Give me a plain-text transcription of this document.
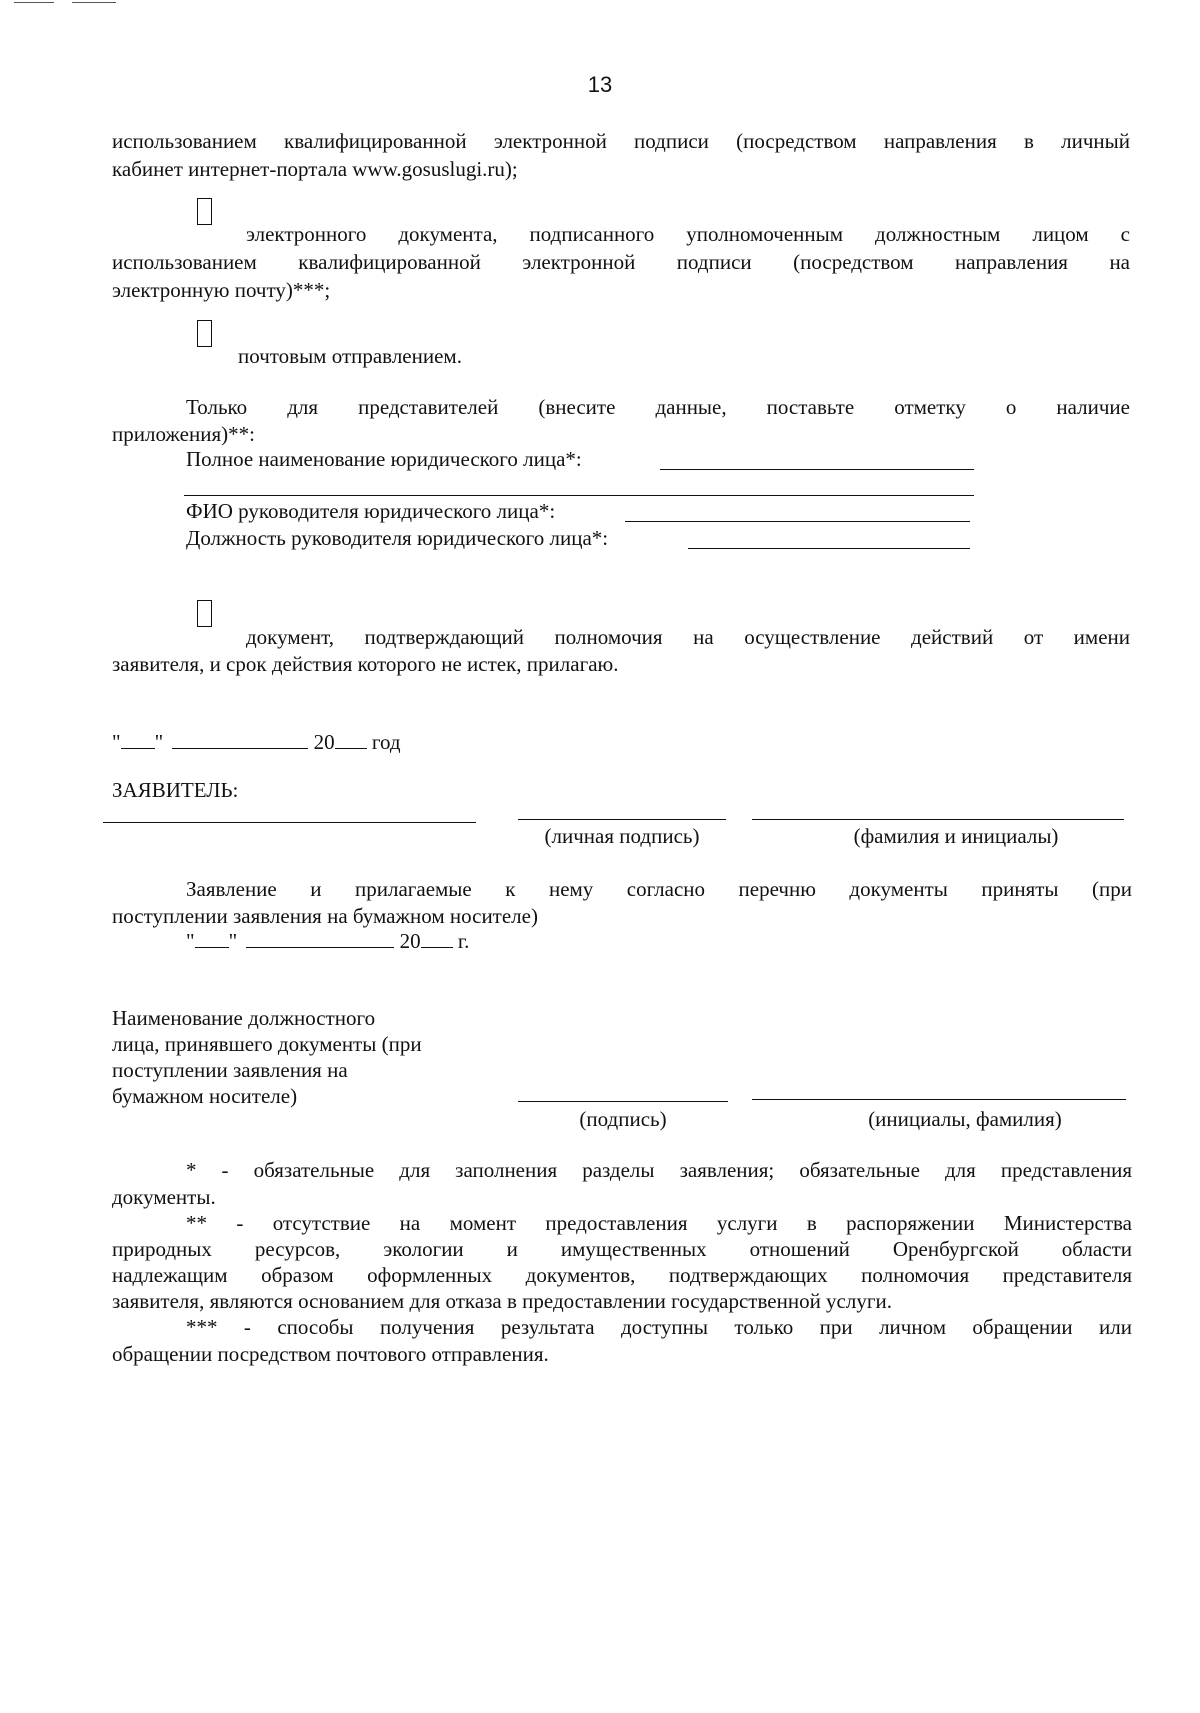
13
использованием квалифицированной электронной подписи (посредством направления в личный
кабинет интернет-портала www.gosuslugi.ru);
электронного документа, подписанного уполномоченным должностным лицом с
использованием квалифицированной электронной подписи (посредством направления на
электронную почту)***;
почтовым отправлением.
Только для представителей (внесите данные, поставьте отметку о наличие
приложения)**:
Полное наименование юридического лица*:
ФИО руководителя юридического лица*:
Должность руководителя юридического лица*:
документ, подтверждающий полномочия на осуществление действий от имени
заявителя, и срок действия которого не истек, прилагаю.
" "	20 год
ЗАЯВИТЕЛЬ:
(личная подпись)	(фамилия и инициалы)
Заявление и прилагаемые к нему согласно перечню документы приняты (при
поступлении заявления на бумажном носителе)
" "	20 г.
Наименование должностного
лица, принявшего документы (при
поступлении заявления на
бумажном носителе)
(подпись)	(инициалы, фамилия)
* - обязательные для заполнения разделы заявления; обязательные для представления
документы.
** - отсутствие на момент предоставления услуги в распоряжении Министерства
природных ресурсов, экологии и имущественных отношений Оренбургской области
надлежащим образом оформленных документов, подтверждающих полномочия представителя
заявителя, являются основанием для отказа в предоставлении государственной услуги.
*** - способы получения результата доступны только при личном обращении или
обращении посредством почтового отправления.
